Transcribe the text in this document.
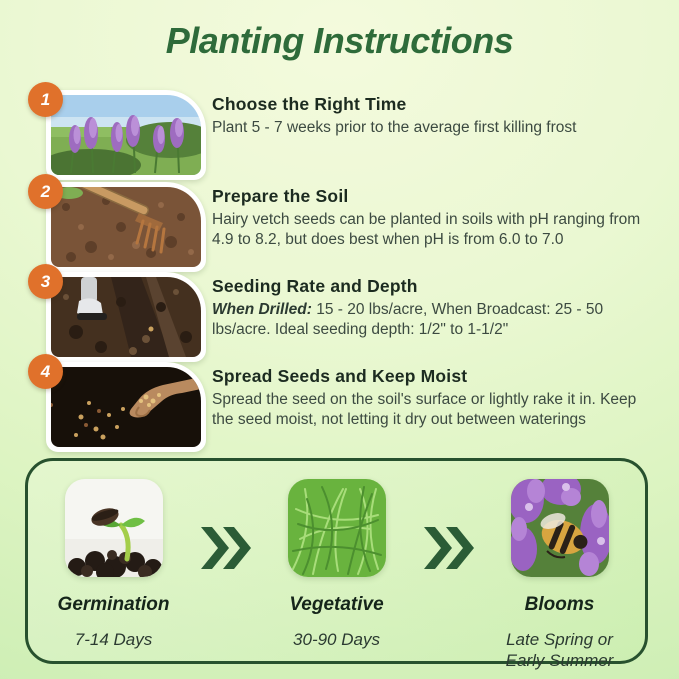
Planting Instructions
1	Choose the Right Time

Plant 5 - 7 weeks prior to the average first killing frost

2	Prepare the Soil

Hairy vetch seeds can be planted in soils with pH ranging from 4.9 to 8.2, but does best when pH is from 6.0 to 7.0

3	Seeding Rate and Depth

When Drilled: 15 - 20 lbs/acre, When Broadcast: 25 - 50 lbs/acre. Ideal seeding depth: 1/2" to 1-1/2"

4	Spread Seeds and Keep Moist

Spread the seed on the soil's surface or lightly rake it in. Keep the seed moist, not letting it dry out between waterings

Germination
7-14 Days
Vegetative
30-90 Days
Blooms
Late Spring or Early Summer
